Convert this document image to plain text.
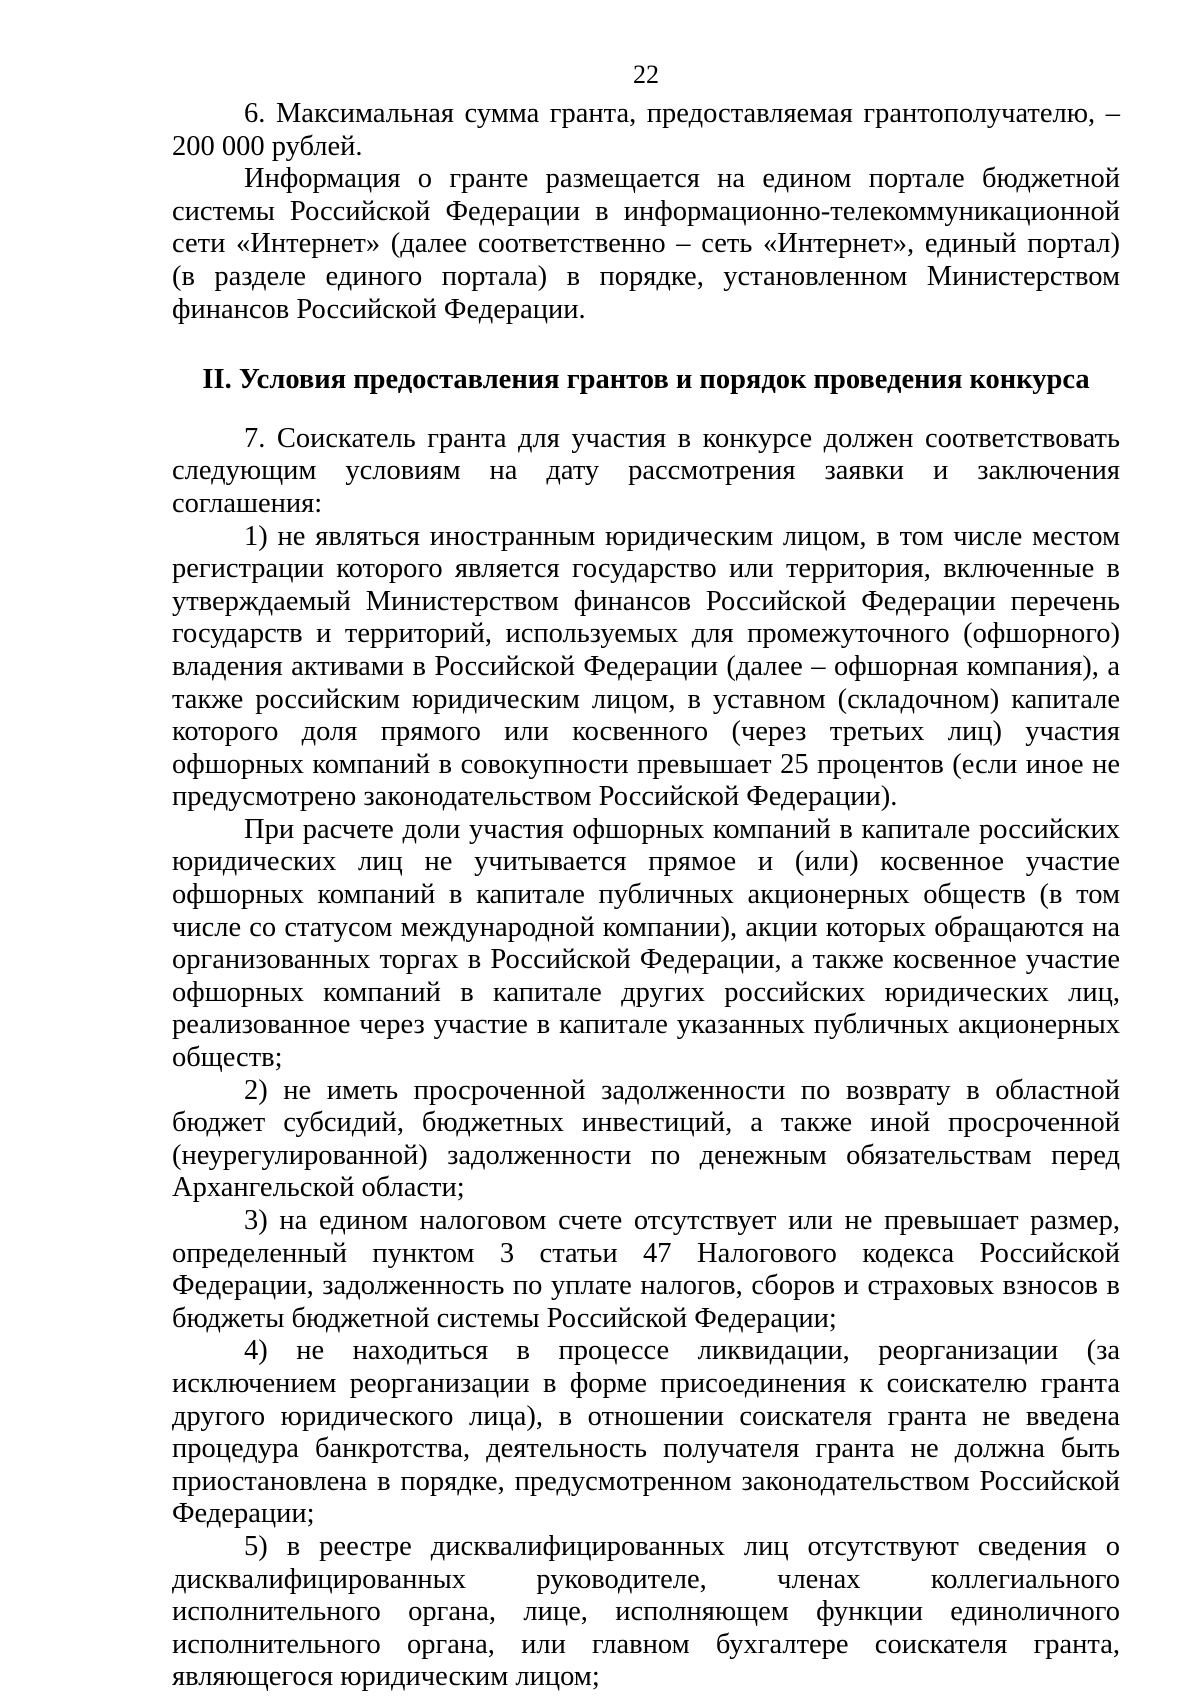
22

6. Максимальная сумма гранта, предоставляемая грантополучателю, – 200 000 рублей.

Информация о гранте размещается на едином портале бюджетной системы Российской Федерации в информационно-телекоммуникационной сети «Интернет» (далее соответственно – сеть «Интернет», единый портал) (в разделе единого портала) в порядке, установленном Министерством финансов Российской Федерации.

II. Условия предоставления грантов и порядок проведения конкурса

7. Соискатель гранта для участия в конкурсе должен соответствовать следующим условиям на дату рассмотрения заявки и заключения соглашения:

1) не являться иностранным юридическим лицом, в том числе местом регистрации которого является государство или территория, включенные в утверждаемый Министерством финансов Российской Федерации перечень государств и территорий, используемых для промежуточного (офшорного) владения активами в Российской Федерации (далее – офшорная компания), а также российским юридическим лицом, в уставном (складочном) капитале которого доля прямого или косвенного (через третьих лиц) участия офшорных компаний в совокупности превышает 25 процентов (если иное не предусмотрено законодательством Российской Федерации).

При расчете доли участия офшорных компаний в капитале российских юридических лиц не учитывается прямое и (или) косвенное участие офшорных компаний в капитале публичных акционерных обществ (в том числе со статусом международной компании), акции которых обращаются на организованных торгах в Российской Федерации, а также косвенное участие офшорных компаний в капитале других российских юридических лиц, реализованное через участие в капитале указанных публичных акционерных обществ;

2) не иметь просроченной задолженности по возврату в областной бюджет субсидий, бюджетных инвестиций, а также иной просроченной (неурегулированной) задолженности по денежным обязательствам перед Архангельской области;

3) на едином налоговом счете отсутствует или не превышает размер, определенный пунктом 3 статьи 47 Налогового кодекса Российской Федерации, задолженность по уплате налогов, сборов и страховых взносов в бюджеты бюджетной системы Российской Федерации;

4) не находиться в процессе ликвидации, реорганизации (за исключением реорганизации в форме присоединения к соискателю гранта другого юридического лица), в отношении соискателя гранта не введена процедура банкротства, деятельность получателя гранта не должна быть приостановлена в порядке, предусмотренном законодательством Российской Федерации;

5) в реестре дисквалифицированных лиц отсутствуют сведения о дисквалифицированных руководителе, членах коллегиального исполнительного органа, лице, исполняющем функции единоличного исполнительного органа, или главном бухгалтере соискателя гранта, являющегося юридическим лицом;
